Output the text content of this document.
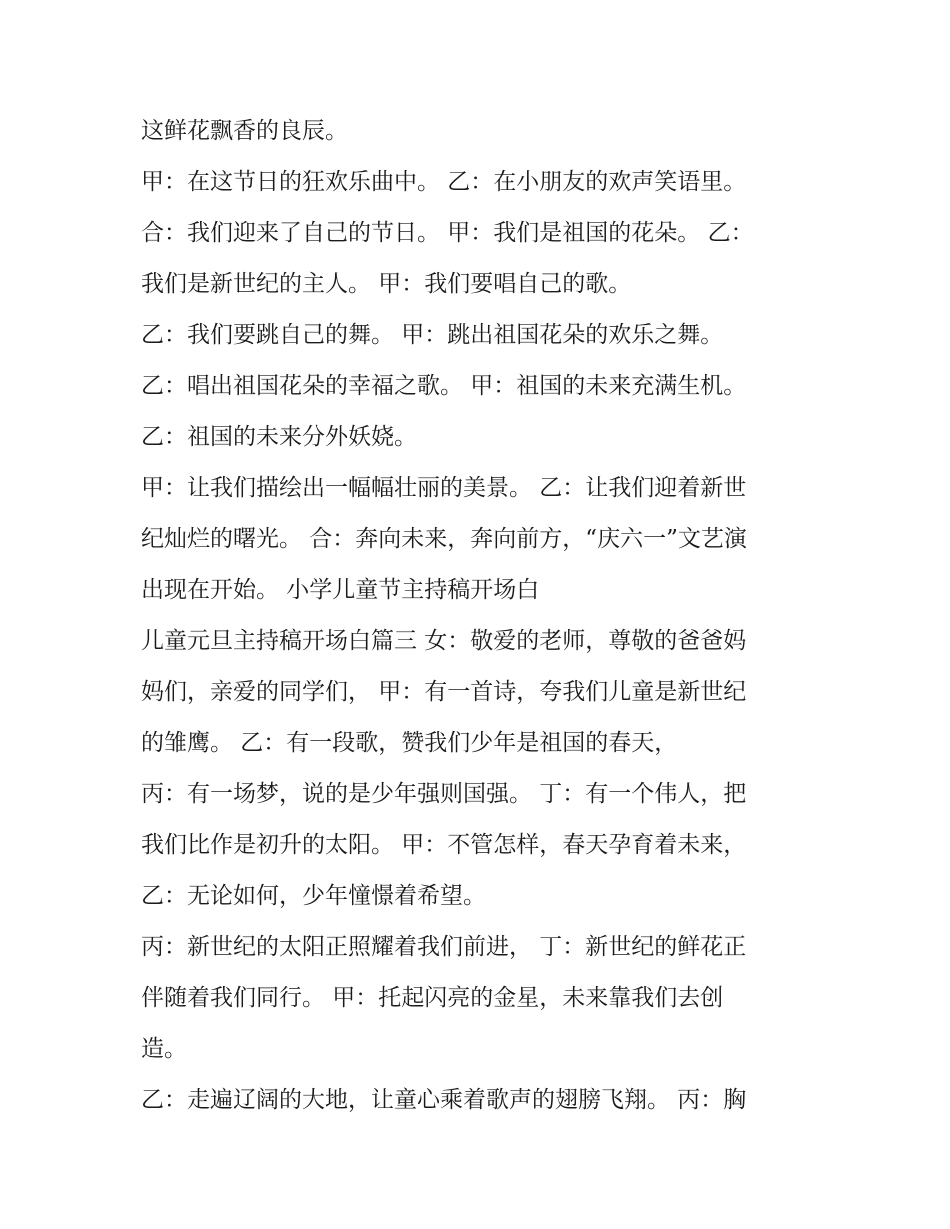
这鲜花飘香的良辰。
甲：在这节日的狂欢乐曲中。 乙：在小朋友的欢声笑语里。
合：我们迎来了自己的节日。 甲：我们是祖国的花朵。 乙：
我们是新世纪的主人。 甲：我们要唱自己的歌。
乙：我们要跳自己的舞。 甲：跳出祖国花朵的欢乐之舞。
乙：唱出祖国花朵的幸福之歌。 甲：祖国的未来充满生机。
乙：祖国的未来分外妖娆。
甲：让我们描绘出一幅幅壮丽的美景。 乙：让我们迎着新世
纪灿烂的曙光。 合：奔向未来，奔向前方，“庆六一”文艺演
出现在开始。 小学儿童节主持稿开场白
儿童元旦主持稿开场白篇三 女：敬爱的老师，尊敬的爸爸妈
妈们，亲爱的同学们， 甲：有一首诗，夸我们儿童是新世纪
的雏鹰。 乙：有一段歌，赞我们少年是祖国的春天，
丙：有一场梦，说的是少年强则国强。 丁：有一个伟人，把
我们比作是初升的太阳。 甲：不管怎样，春天孕育着未来，
乙：无论如何，少年憧憬着希望。
丙：新世纪的太阳正照耀着我们前进， 丁：新世纪的鲜花正
伴随着我们同行。 甲：托起闪亮的金星，未来靠我们去创
造。
乙：走遍辽阔的大地，让童心乘着歌声的翅膀飞翔。 丙：胸
